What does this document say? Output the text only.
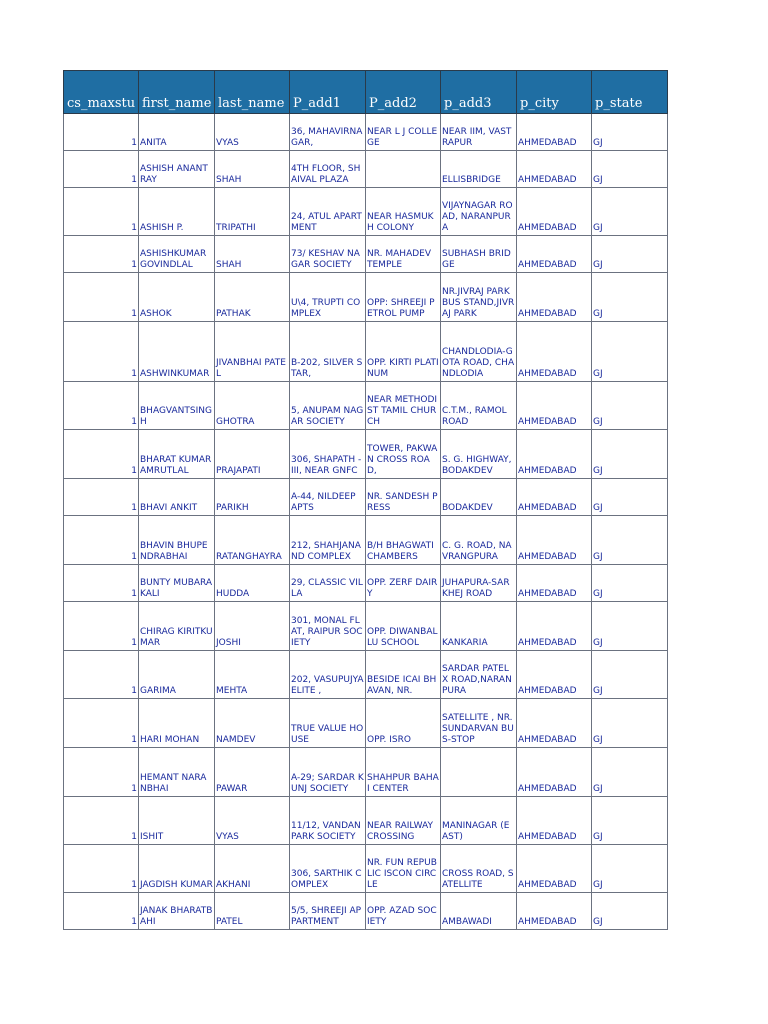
cs_maxstu	first_name	last_name	P_add1	P_add2	p_add3	p_city	p_state
1	ANITA	VYAS	36, MAHAVIRNAGAR,	NEAR L J COLLEGE	NEAR IIM, VASTRAPUR	AHMEDABAD	GJ
1	ASHISH ANANTRAY	SHAH	4TH FLOOR, SHAIVAL PLAZA		ELLISBRIDGE	AHMEDABAD	GJ
1	ASHISH P.	TRIPATHI	24, ATUL APARTMENT	NEAR HASMUKH COLONY	VIJAYNAGAR ROAD, NARANPURA	AHMEDABAD	GJ
1	ASHISHKUMAR GOVINDLAL	SHAH	73/ KESHAV NAGAR SOCIETY	NR. MAHADEV TEMPLE	SUBHASH BRIDGE	AHMEDABAD	GJ
1	ASHOK	PATHAK	U\4, TRUPTI COMPLEX	OPP: SHREEJI PETROL PUMP	NR.JIVRAJ PARK BUS STAND,JIVRAJ PARK	AHMEDABAD	GJ
1	ASHWINKUMAR	JIVANBHAI PATEL	B-202, SILVER STAR,	OPP. KIRTI PLATINUM	CHANDLODIA-GOTA ROAD, CHANDLODIA	AHMEDABAD	GJ
1	BHAGVANTSINGH	GHOTRA	5, ANUPAM NAGAR SOCIETY	NEAR METHODIST TAMIL CHURCH	C.T.M., RAMOL ROAD	AHMEDABAD	GJ
1	BHARAT KUMAR AMRUTLAL	PRAJAPATI	306, SHAPATH - III, NEAR GNFC	TOWER, PAKWAN CROSS ROAD,	S. G. HIGHWAY, BODAKDEV	AHMEDABAD	GJ
1	BHAVI ANKIT	PARIKH	A-44, NILDEEP APTS	NR. SANDESH PRESS	BODAKDEV	AHMEDABAD	GJ
1	BHAVIN BHUPENDRABHAI	RATANGHAYRA	212, SHAHJANAND COMPLEX	B/H BHAGWATI CHAMBERS	C. G. ROAD, NAVRANGPURA	AHMEDABAD	GJ
1	BUNTY MUBARAKALI	HUDDA	29, CLASSIC VILLA	OPP. ZERF DAIRY	JUHAPURA-SARKHEJ ROAD	AHMEDABAD	GJ
1	CHIRAG KIRITKUMAR	JOSHI	301, MONAL FLAT, RAIPUR SOCIETY	OPP. DIWANBALLU SCHOOL	KANKARIA	AHMEDABAD	GJ
1	GARIMA	MEHTA	202, VASUPUJYA ELITE ,	BESIDE ICAI BHAVAN, NR.	SARDAR PATEL X ROAD,NARANPURA	AHMEDABAD	GJ
1	HARI MOHAN	NAMDEV	TRUE VALUE HOUSE	OPP. ISRO	SATELLITE , NR. SUNDARVAN BUS-STOP	AHMEDABAD	GJ
1	HEMANT NARANBHAI	PAWAR	A-29; SARDAR KUNJ SOCIETY	SHAHPUR BAHAI CENTER		AHMEDABAD	GJ
1	ISHIT	VYAS	11/12, VANDAN PARK SOCIETY	NEAR RAILWAY CROSSING	MANINAGAR (EAST)	AHMEDABAD	GJ
1	JAGDISH KUMAR	AKHANI	306, SARTHIK COMPLEX	NR. FUN REPUBLIC ISCON CIRCLE	CROSS ROAD, SATELLITE	AHMEDABAD	GJ
1	JANAK BHARATBAHI	PATEL	5/5, SHREEJI APPARTMENT	OPP. AZAD SOCIETY	AMBAWADI	AHMEDABAD	GJ
